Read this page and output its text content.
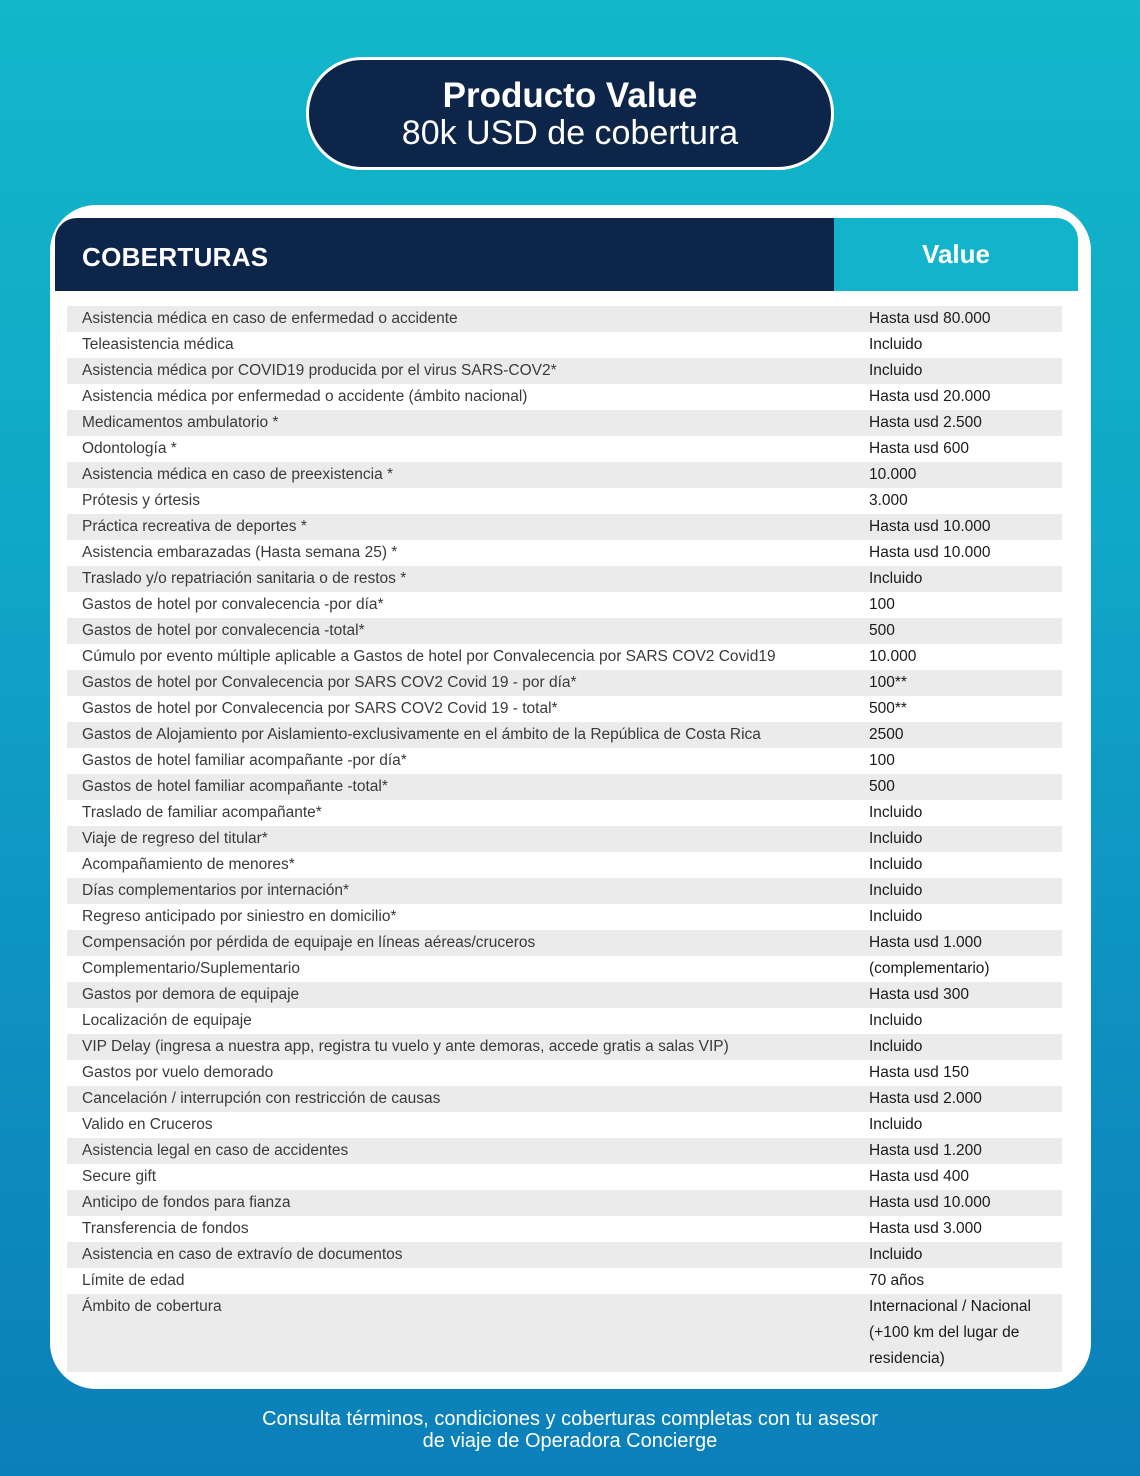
Producto Value
80k USD de cobertura
COBERTURAS	Value
Asistencia médica en caso de enfermedad o accidente	Hasta usd 80.000
Teleasistencia médica	Incluido
Asistencia médica por COVID19 producida por el virus SARS-COV2*	Incluido
Asistencia médica por enfermedad o accidente (ámbito nacional)	Hasta usd 20.000
Medicamentos ambulatorio *	Hasta usd 2.500
Odontología *	Hasta usd 600
Asistencia médica en caso de preexistencia *	10.000
Prótesis y órtesis	3.000
Práctica recreativa de deportes *	Hasta usd 10.000
Asistencia embarazadas (Hasta semana 25) *	Hasta usd 10.000
Traslado y/o repatriación sanitaria o de restos *	Incluido
Gastos de hotel por convalecencia -por día*	100
Gastos de hotel por convalecencia -total*	500
Cúmulo por evento múltiple aplicable a Gastos de hotel por Convalecencia por SARS COV2 Covid19	10.000
Gastos de hotel por Convalecencia por SARS COV2 Covid 19 - por día*	100**
Gastos de hotel por Convalecencia por SARS COV2 Covid 19 - total*	500**
Gastos de Alojamiento por Aislamiento-exclusivamente en el ámbito de la República de Costa Rica	2500
Gastos de hotel familiar acompañante -por día*	100
Gastos de hotel familiar acompañante -total*	500
Traslado de familiar acompañante*	Incluido
Viaje de regreso del titular*	Incluido
Acompañamiento de menores*	Incluido
Días complementarios por internación*	Incluido
Regreso anticipado por siniestro en domicilio*	Incluido
Compensación por pérdida de equipaje en líneas aéreas/cruceros	Hasta usd 1.000
Complementario/Suplementario	(complementario)
Gastos por demora de equipaje	Hasta usd 300
Localización de equipaje	Incluido
VIP Delay (ingresa a nuestra app, registra tu vuelo y ante demoras, accede gratis a salas VIP)	Incluido
Gastos por vuelo demorado	Hasta usd 150
Cancelación / interrupción con restricción de causas	Hasta usd 2.000
Valido en Cruceros	Incluido
Asistencia legal en caso de accidentes	Hasta usd 1.200
Secure gift	Hasta usd 400
Anticipo de fondos para fianza	Hasta usd 10.000
Transferencia de fondos	Hasta usd 3.000
Asistencia en caso de extravío de documentos	Incluido
Límite de edad	70 años
Ámbito de cobertura	Internacional / Nacional (+100 km del lugar de residencia)
Consulta términos, condiciones y coberturas completas con tu asesor
de viaje de Operadora Concierge
